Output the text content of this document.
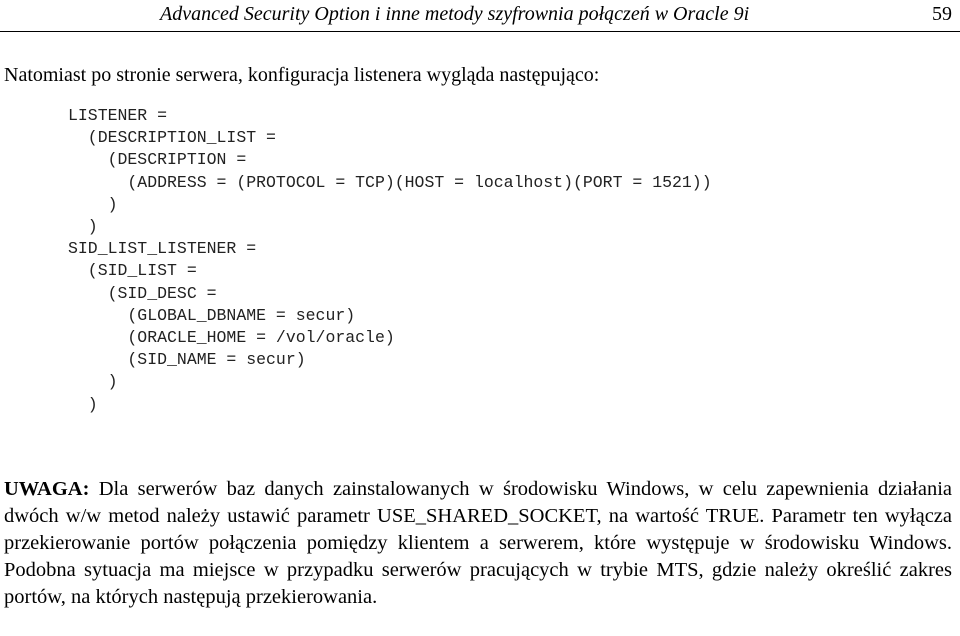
Advanced Security Option i inne metody szyfrownia połączeń w Oracle 9i	59
Natomiast po stronie serwera, konfiguracja listenera wygląda następująco:
LISTENER =
(DESCRIPTION_LIST =
(DESCRIPTION =
(ADDRESS = (PROTOCOL = TCP)(HOST = localhost)(PORT = 1521))
)
)
SID_LIST_LISTENER =
(SID_LIST =
(SID_DESC =
(GLOBAL_DBNAME = secur)
(ORACLE_HOME = /vol/oracle)
(SID_NAME = secur)
)
)

UWAGA: Dla serwerów baz danych zainstalowanych w środowisku Windows, w celu zapewnienia działania dwóch w/w metod należy ustawić parametr USE_SHARED_SOCKET, na wartość TRUE. Parametr ten wyłącza przekierowanie portów połączenia pomiędzy klientem a serwerem, które występuje w środowisku Windows. Podobna sytuacja ma miejsce w przypadku serwerów pracujących w trybie MTS, gdzie należy określić zakres portów, na których następują przekierowania.
